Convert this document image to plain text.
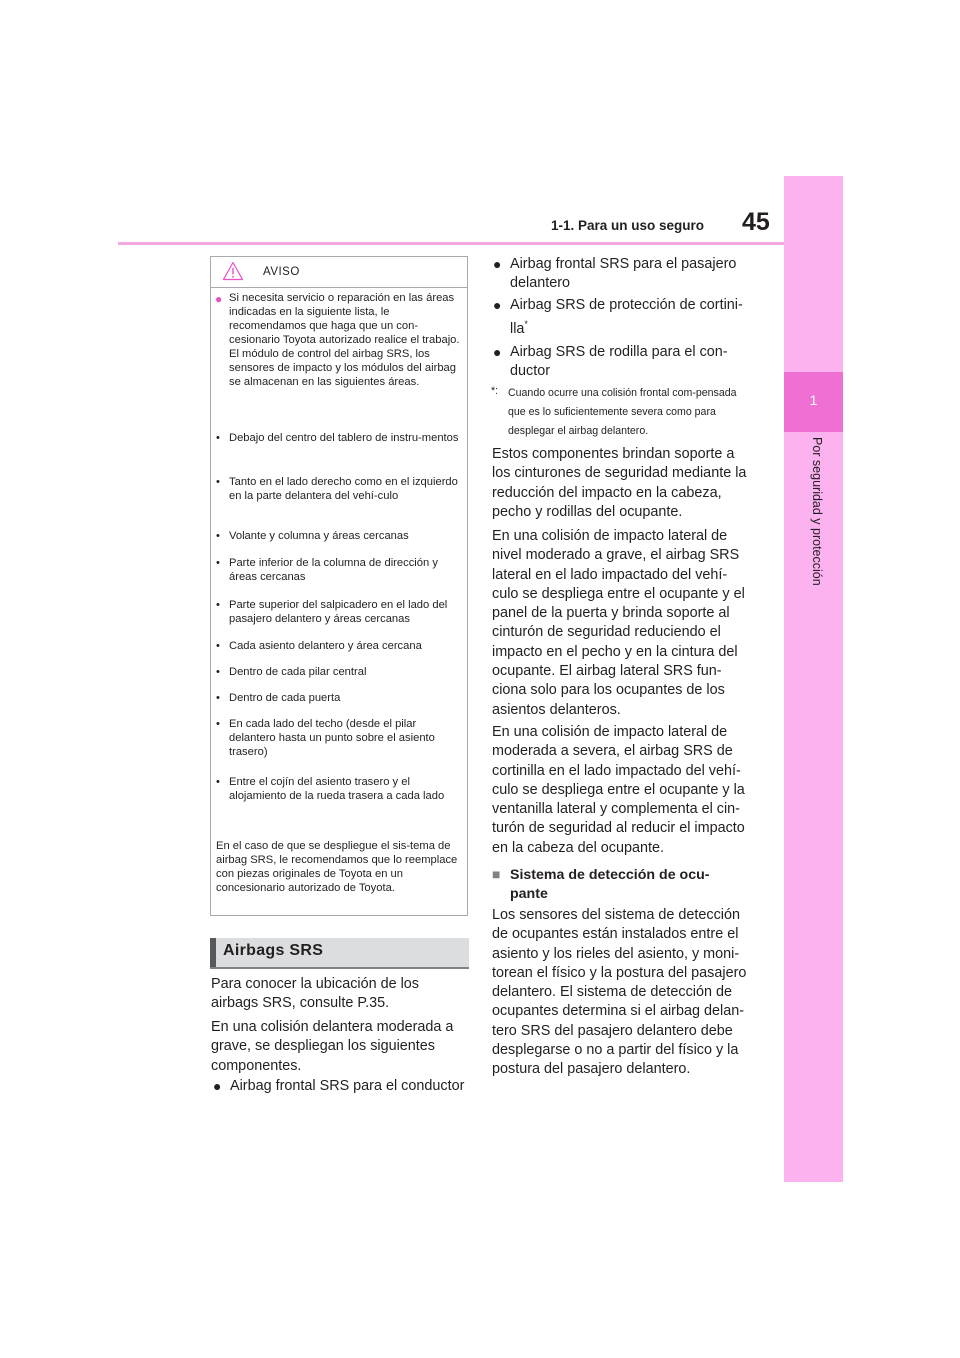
1-1. Para un uso seguro 45
1
Por seguridad y protección
AVISO
● Si necesita servicio o reparación en las áreas indicadas en la siguiente lista, le recomendamos que haga que un con-cesionario Toyota autorizado realice el trabajo. El módulo de control del airbag SRS, los sensores de impacto y los módulos del airbag se almacenan en las siguientes áreas.
• Debajo del centro del tablero de instru-mentos
• Tanto en el lado derecho como en el izquierdo en la parte delantera del vehí-culo
• Volante y columna y áreas cercanas
• Parte inferior de la columna de dirección y áreas cercanas
• Parte superior del salpicadero en el lado del pasajero delantero y áreas cercanas
• Cada asiento delantero y área cercana
• Dentro de cada pilar central
• Dentro de cada puerta
• En cada lado del techo (desde el pilar delantero hasta un punto sobre el asiento trasero)
• Entre el cojín del asiento trasero y el alojamiento de la rueda trasera a cada lado
En el caso de que se despliegue el sis-tema de airbag SRS, le recomendamos que lo reemplace con piezas originales de Toyota en un concesionario autorizado de Toyota.
Airbags SRS
Para conocer la ubicación de los airbags SRS, consulte P.35.
En una colisión delantera moderada a grave, se despliegan los siguientes componentes.
● Airbag frontal SRS para el conductor
● Airbag frontal SRS para el pasajero delantero
● Airbag SRS de protección de cortini-lla*
● Airbag SRS de rodilla para el con-ductor
*: Cuando ocurre una colisión frontal com-pensada que es lo suficientemente severa como para desplegar el airbag delantero.
Estos componentes brindan soporte a los cinturones de seguridad mediante la reducción del impacto en la cabeza, pecho y rodillas del ocupante.
En una colisión de impacto lateral de nivel moderado a grave, el airbag SRS lateral en el lado impactado del vehí-culo se despliega entre el ocupante y el panel de la puerta y brinda soporte al cinturón de seguridad reduciendo el impacto en el pecho y en la cintura del ocupante. El airbag lateral SRS fun-ciona solo para los ocupantes de los asientos delanteros.
En una colisión de impacto lateral de moderada a severa, el airbag SRS de cortinilla en el lado impactado del vehí-culo se despliega entre el ocupante y la ventanilla lateral y complementa el cin-turón de seguridad al reducir el impacto en la cabeza del ocupante.
■ Sistema de detección de ocu-pante
Los sensores del sistema de detección de ocupantes están instalados entre el asiento y los rieles del asiento, y moni-torean el físico y la postura del pasajero delantero. El sistema de detección de ocupantes determina si el airbag delan-tero SRS del pasajero delantero debe desplegarse o no a partir del físico y la postura del pasajero delantero.
